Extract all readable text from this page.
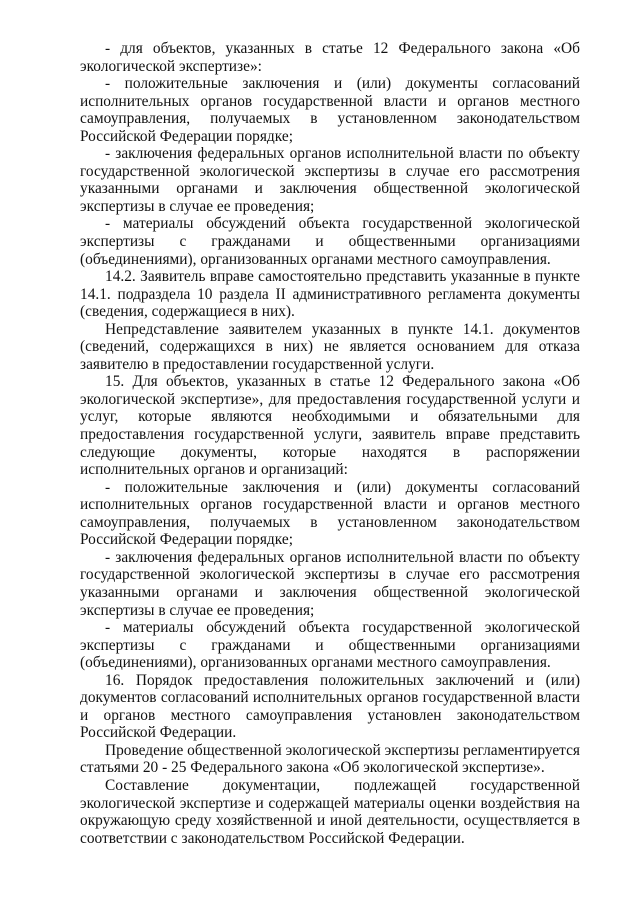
- для объектов, указанных в статье 12 Федерального закона «Об экологической экспертизе»:

- положительные заключения и (или) документы согласований исполнительных органов государственной власти и органов местного самоуправления, получаемых в установленном законодательством Российской Федерации порядке;

- заключения федеральных органов исполнительной власти по объекту государственной экологической экспертизы в случае его рассмотрения указанными органами и заключения общественной экологической экспертизы в случае ее проведения;

- материалы обсуждений объекта государственной экологической экспертизы с гражданами и общественными организациями (объединениями), организованных органами местного самоуправления.

14.2. Заявитель вправе самостоятельно представить указанные в пункте 14.1. подраздела 10 раздела II административного регламента документы (сведения, содержащиеся в них).

Непредставление заявителем указанных в пункте 14.1. документов (сведений, содержащихся в них) не является основанием для отказа заявителю в предоставлении государственной услуги.

15. Для объектов, указанных в статье 12 Федерального закона «Об экологической экспертизе», для предоставления государственной услуги и услуг, которые являются необходимыми и обязательными для предоставления государственной услуги, заявитель вправе представить следующие документы, которые находятся в распоряжении исполнительных органов и организаций:

- положительные заключения и (или) документы согласований исполнительных органов государственной власти и органов местного самоуправления, получаемых в установленном законодательством Российской Федерации порядке;

- заключения федеральных органов исполнительной власти по объекту государственной экологической экспертизы в случае его рассмотрения указанными органами и заключения общественной экологической экспертизы в случае ее проведения;

- материалы обсуждений объекта государственной экологической экспертизы с гражданами и общественными организациями (объединениями), организованных органами местного самоуправления.

16. Порядок предоставления положительных заключений и (или) документов согласований исполнительных органов государственной власти и органов местного самоуправления установлен законодательством Российской Федерации.

Проведение общественной экологической экспертизы регламентируется статьями 20 - 25 Федерального закона «Об экологической экспертизе».

Составление документации, подлежащей государственной экологической экспертизе и содержащей материалы оценки воздействия на окружающую среду хозяйственной и иной деятельности, осуществляется в соответствии с законодательством Российской Федерации.
